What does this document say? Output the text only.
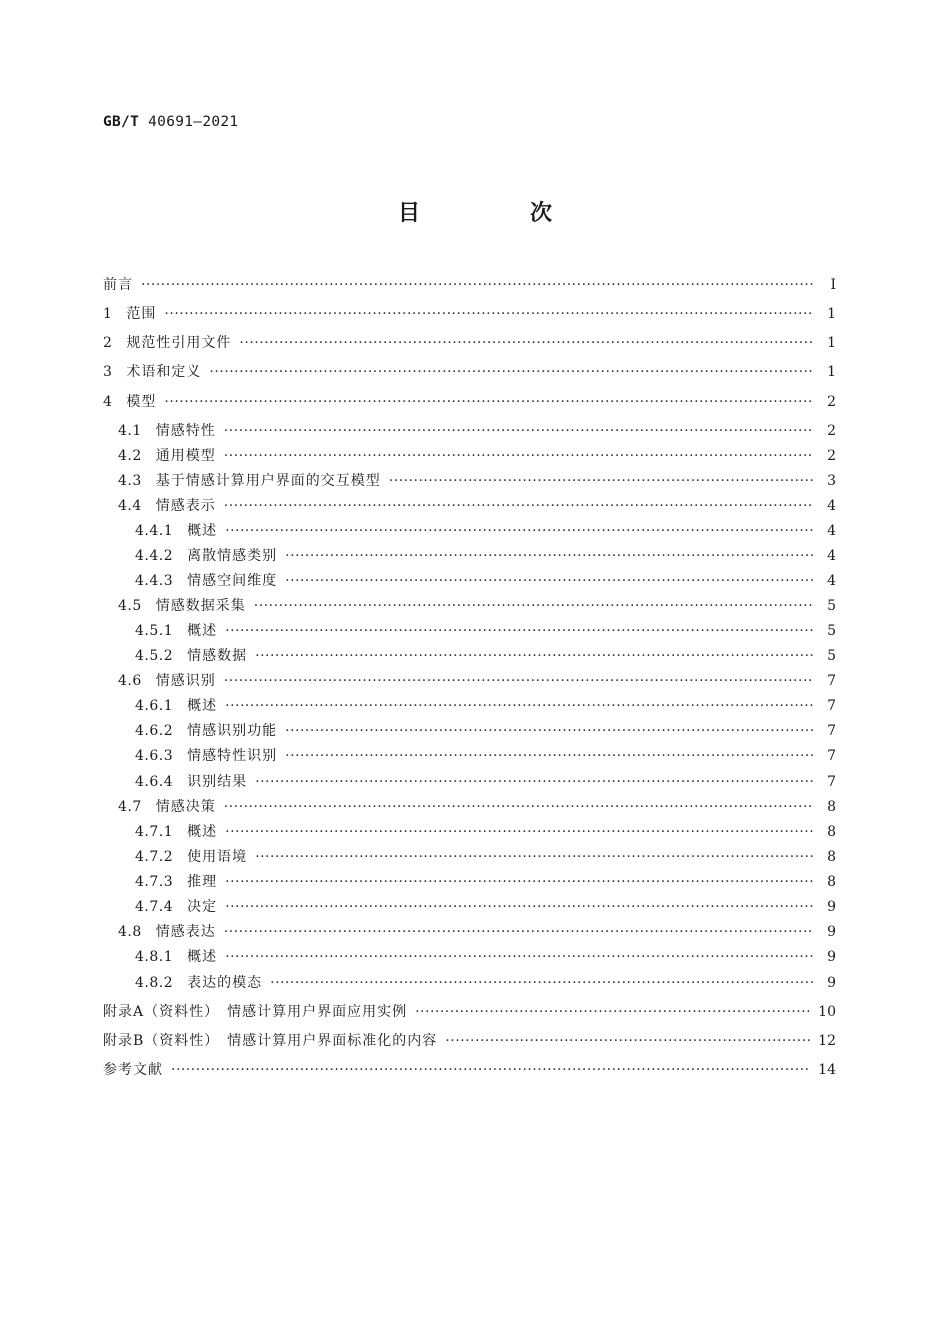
GB/T 40691—2021
目　次
前言 ·····	Ⅰ
1 范围 ·····	1
2 规范性引用文件 ·····	1
3 术语和定义 ·····	1
4 模型 ·····	2
4.1 情感特性 ·····	2
4.2 通用模型 ·····	2
4.3 基于情感计算用户界面的交互模型 ·····	3
4.4 情感表示 ·····	4
4.4.1 概述 ·····	4
4.4.2 离散情感类别 ·····	4
4.4.3 情感空间维度 ·····	4
4.5 情感数据采集 ·····	5
4.5.1 概述 ·····	5
4.5.2 情感数据 ·····	5
4.6 情感识别 ·····	7
4.6.1 概述 ·····	7
4.6.2 情感识别功能 ·····	7
4.6.3 情感特性识别 ·····	7
4.6.4 识别结果 ·····	7
4.7 情感决策 ·····	8
4.7.1 概述 ·····	8
4.7.2 使用语境 ·····	8
4.7.3 推理 ·····	8
4.7.4 决定 ·····	9
4.8 情感表达 ·····	9
4.8.1 概述 ·····	9
4.8.2 表达的模态 ·····	9
附录A（资料性）　情感计算用户界面应用实例 ·····	10
附录B（资料性）　情感计算用户界面标准化的内容 ·····	12
参考文献 ·····	14
